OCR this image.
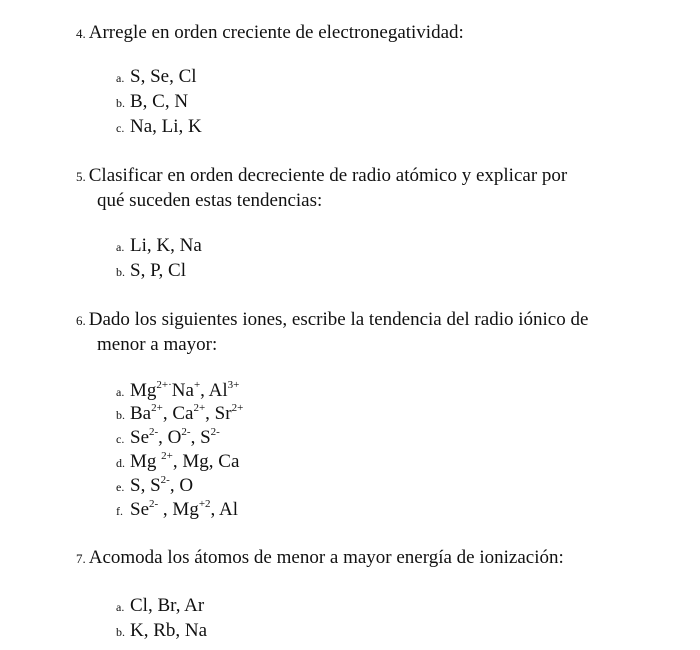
4. Arregle en orden creciente de electronegatividad:
a. S, Se, Cl
b. B, C, N
c. Na, Li, K
5. Clasificar en orden decreciente de radio atómico y explicar por
qué suceden estas tendencias:
a. Li, K, Na
b. S, P, Cl
6. Dado los siguientes iones, escribe la tendencia del radio iónico de
menor a mayor:
a. $Mg^{2+\cdot}Na^+$, $Al^{3+}$
b. $Ba^{2+}$, $Ca^{2+}$, $Sr^{2+}$
c. $Se^{2-}$, $O^{2-}$, $S^{2-}$
d. Mg $^{2+}$, Mg, Ca
e. S, $S^{2-}$, O
f. $Se^{2-}$ , $Mg^{+2}$, Al
7. Acomoda los átomos de menor a mayor energía de ionización:
a. Cl, Br, Ar
b. K, Rb, Na
